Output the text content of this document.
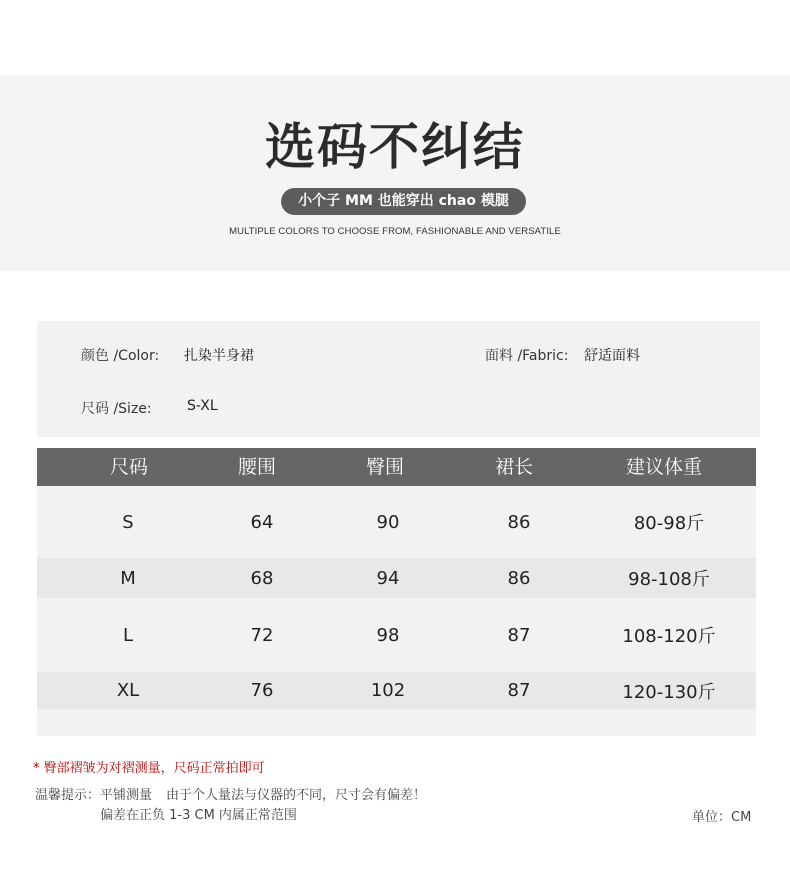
选码不纠结
小个子 MM 也能穿出 chao 模腿
MULTIPLE COLORS TO CHOOSE FROM, FASHIONABLE AND VERSATILE
颜色 /Color: 扎染半身裙	面料 /Fabric: 舒适面料
尺码 /Size:	S-XL
尺码	腰围	臀围	裙长	建议体重
S	64	90	86	80-98斤
M	68	94	86	98-108斤
L	72	98	87	108-120斤
XL	76	102	87	120-130斤
* 臀部褶皱为对褶测量，尺码正常拍即可
温馨提示：平铺测量 由于个人量法与仪器的不同，尺寸会有偏差！
偏差在正负 1-3 CM 内属正常范围	单位：CM
